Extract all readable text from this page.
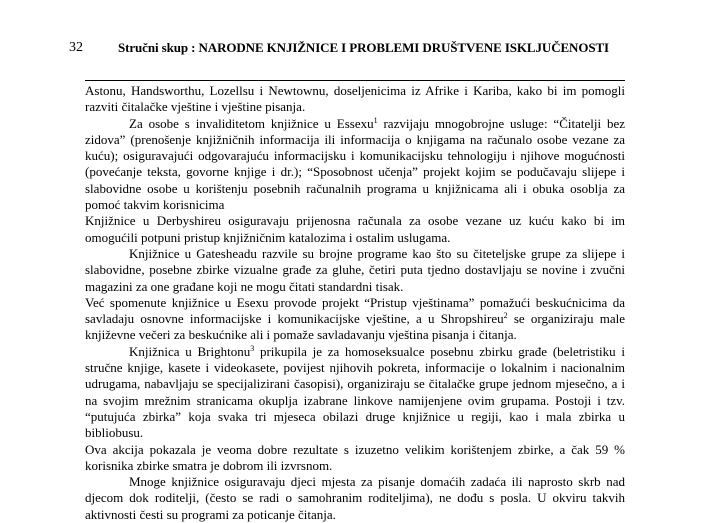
32	Stručni skup : NARODNE KNJIŽNICE I PROBLEMI DRUŠTVENE ISKLJUČENOSTI

Astonu, Handsworthu, Lozellsu i Newtownu, doseljenicima iz Afrike i Kariba, kako bi im pomogli razviti čitalačke vještine i vještine pisanja.

Za osobe s invaliditetom knjižnice u Essexu$^1$ razvijaju mnogobrojne usluge: “Čitatelji bez zidova” (prenošenje knjižničnih informacija ili informacija o knjigama na računalo osobe vezane za kuću); osiguravajući odgovarajuću informacijsku i komunikacijsku tehnologiju i njihove mogućnosti (povećanje teksta, govorne knjige i dr.); “Sposobnost učenja” projekt kojim se podučavaju slijepe i slabovidne osobe u korištenju posebnih računalnih programa u knjižnicama ali i obuka osoblja za pomoć takvim korisnicima

Knjižnice u Derbyshireu osiguravaju prijenosna računala za osobe vezane uz kuću kako bi im omogućili potpuni pristup knjižničnim katalozima i ostalim uslugama.

Knjižnice u Gatesheadu razvile su brojne programe kao što su čiteteljske grupe za slijepe i slabovidne, posebne zbirke vizualne građe za gluhe, četiri puta tjedno dostavljaju se novine i zvučni magazini za one građane koji ne mogu čitati standardni tisak.

Već spomenute knjižnice u Esexu provode projekt “Pristup vještinama” pomažući beskućnicima da savladaju osnovne informacijske i komunikacijske vještine, a u Shropshireu$^2$ se organiziraju male književne večeri za beskućnike ali i pomaže savladavanju vještina pisanja i čitanja.

Knjižnica u Brightonu$^3$ prikupila je za homoseksualce posebnu zbirku građe (beletristiku i stručne knjige, kasete i videokasete, povijest njihovih pokreta, informacije o lokalnim i nacionalnim udrugama, nabavljaju se specijalizirani časopisi), organiziraju se čitalačke grupe jednom mjesečno, a i na svojim mrežnim stranicama okuplja izabrane linkove namijenjene ovim grupama. Postoji i tzv. “putujuća zbirka” koja svaka tri mjeseca obilazi druge knjižnice u regiji, kao i mala zbirka u bibliobusu.

Ova akcija pokazala je veoma dobre rezultate s izuzetno velikim korištenjem zbirke, a čak 59 % korisnika zbirke smatra je dobrom ili izvrsnom.

Mnoge knjižnice osiguravaju djeci mjesta za pisanje domaćih zadaća ili naprosto skrb nad djecom dok roditelji, (često se radi o samohranim roditeljima), ne dođu s posla. U okviru takvih aktivnosti česti su programi za poticanje čitanja.
